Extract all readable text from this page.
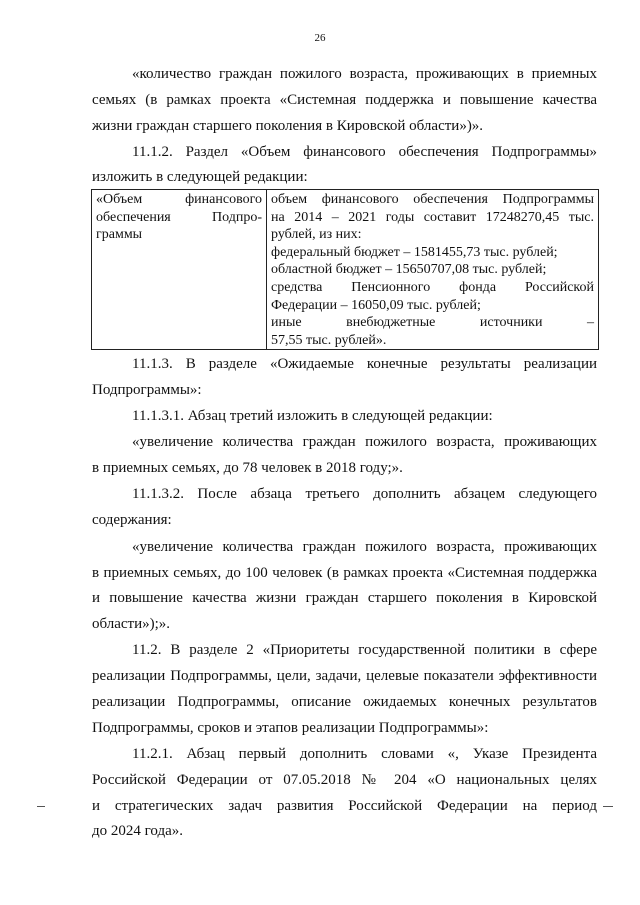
26
«количество граждан пожилого возраста, проживающих в приемных
семьях (в рамках проекта «Системная поддержка и повышение качества
жизни граждан старшего поколения в Кировской области»)».
11.1.2. Раздел «Объем финансового обеспечения Подпрограммы»
изложить в следующей редакции:
«Объем финансового
обеспечения Подпро-
граммы

объем финансового обеспечения Подпрограммы
на 2014 – 2021 годы составит 17248270,45 тыс.
рублей, из них:
федеральный бюджет – 1581455,73 тыс. рублей;
областной бюджет – 15650707,08 тыс. рублей;
средства Пенсионного фонда Российской
Федерации – 16050,09 тыс. рублей;
иные внебюджетные источники –
57,55 тыс. рублей».
11.1.3. В разделе «Ожидаемые конечные результаты реализации
Подпрограммы»:
11.1.3.1. Абзац третий изложить в следующей редакции:
«увеличение количества граждан пожилого возраста, проживающих
в приемных семьях, до 78 человек в 2018 году;».
11.1.3.2. После абзаца третьего дополнить абзацем следующего
содержания:
«увеличение количества граждан пожилого возраста, проживающих
в приемных семьях, до 100 человек (в рамках проекта «Системная поддержка
и повышение качества жизни граждан старшего поколения в Кировской
области»);».
11.2. В разделе 2 «Приоритеты государственной политики в сфере
реализации Подпрограммы, цели, задачи, целевые показатели эффективности
реализации Подпрограммы, описание ожидаемых конечных результатов
Подпрограммы, сроков и этапов реализации Подпрограммы»:
11.2.1. Абзац первый дополнить словами «, Указе Президента
Российской Федерации от 07.05.2018 № 204 «О национальных целях
и стратегических задач развития Российской Федерации на период
до 2024 года».
